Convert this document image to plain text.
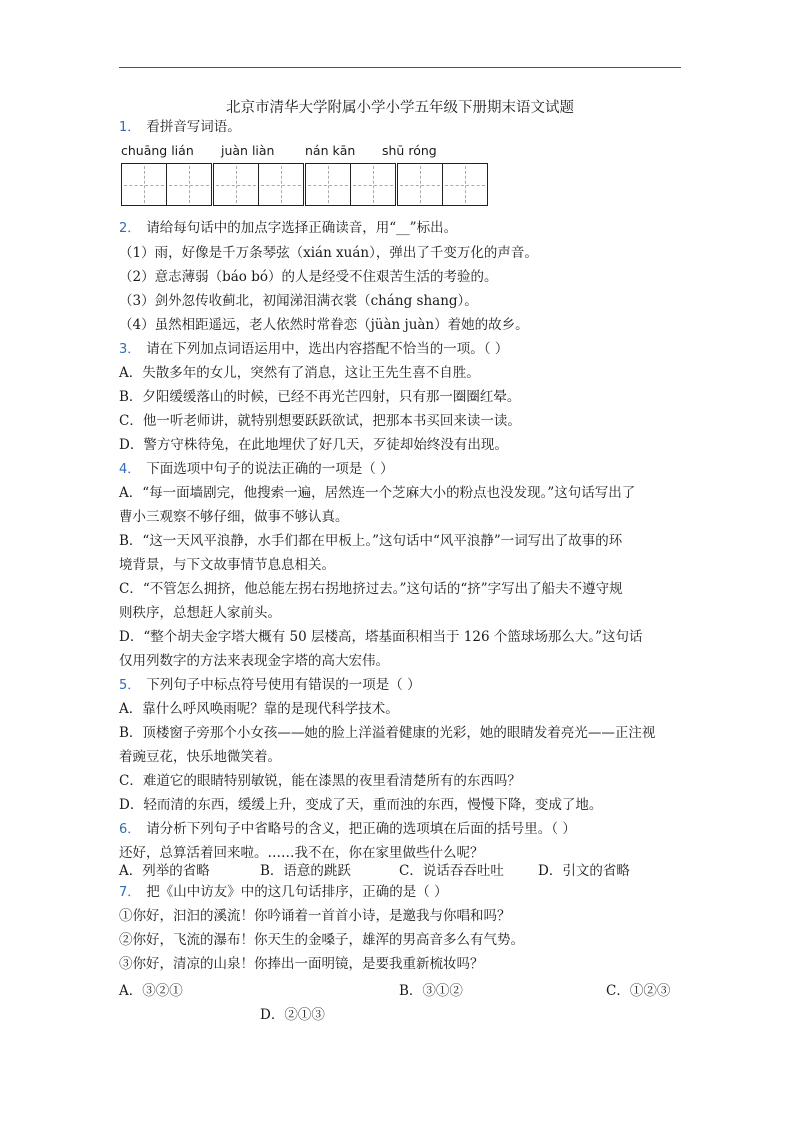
北京市清华大学附属小学小学五年级下册期末语文试题
1． 看拼音写词语。
chuāng lián juàn liàn nán kān shū róng
2． 请给每句话中的加点字选择正确读音，用“__”标出。
（1）雨，好像是千万条琴弦（xián xuán），弹出了千变万化的声音。
（2）意志薄弱（báo bó）的人是经受不住艰苦生活的考验的。
（3）剑外忽传收蓟北，初闻涕泪满衣裳（cháng shang）。
（4）虽然相距遥远，老人依然时常眷恋（jüàn juàn）着她的故乡。
3． 请在下列加点词语运用中，选出内容搭配不恰当的一项。（ ）
A．失散多年的女儿，突然有了消息，这让王先生喜不自胜。
B．夕阳缓缓落山的时候，已经不再光芒四射，只有那一圈圈红晕。
C．他一听老师讲，就特别想要跃跃欲试，把那本书买回来读一读。
D．警方守株待兔，在此地埋伏了好几天，歹徒却始终没有出现。
4． 下面选项中句子的说法正确的一项是（ ）
A．“每一面墙剧完，他搜索一遍，居然连一个芝麻大小的粉点也没发现。”这句话写出了
曹小三观察不够仔细，做事不够认真。
B．“这一天风平浪静，水手们都在甲板上。”这句话中“风平浪静”一词写出了故事的环
境背景，与下文故事情节息息相关。
C．“不管怎么拥挤，他总能左拐右拐地挤过去。”这句话的“挤”字写出了船夫不遵守规
则秩序，总想赶人家前头。
D．“整个胡夫金字塔大概有 50 层楼高，塔基面积相当于 126 个篮球场那么大。”这句话
仅用列数字的方法来表现金字塔的高大宏伟。
5． 下列句子中标点符号使用有错误的一项是（ ）
A．靠什么呼风唤雨呢？靠的是现代科学技术。
B．顶楼窗子旁那个小女孩——她的脸上洋溢着健康的光彩，她的眼睛发着亮光——正注视
着豌豆花，快乐地微笑着。
C．难道它的眼睛特别敏锐，能在漆黑的夜里看清楚所有的东西吗？
D．轻而清的东西，缓缓上升，变成了天，重而浊的东西，慢慢下降，变成了地。
6． 请分析下列句子中省略号的含义，把正确的选项填在后面的括号里。（ ）
还好，总算活着回来啦。……我不在，你在家里做些什么呢？
A．列举的省略	B．语意的跳跃	C．说话吞吞吐吐	D．引文的省略
7． 把《山中访友》中的这几句话排序，正确的是（ ）
①你好，汩汩的溪流！你吟诵着一首首小诗，是邀我与你唱和吗？
②你好，飞流的瀑布！你天生的金嗓子，雄浑的男高音多么有气势。
③你好，清凉的山泉！你捧出一面明镜，是要我重新梳妆吗？
A．③②①	B．③①②	C．①②③
D．②①③
